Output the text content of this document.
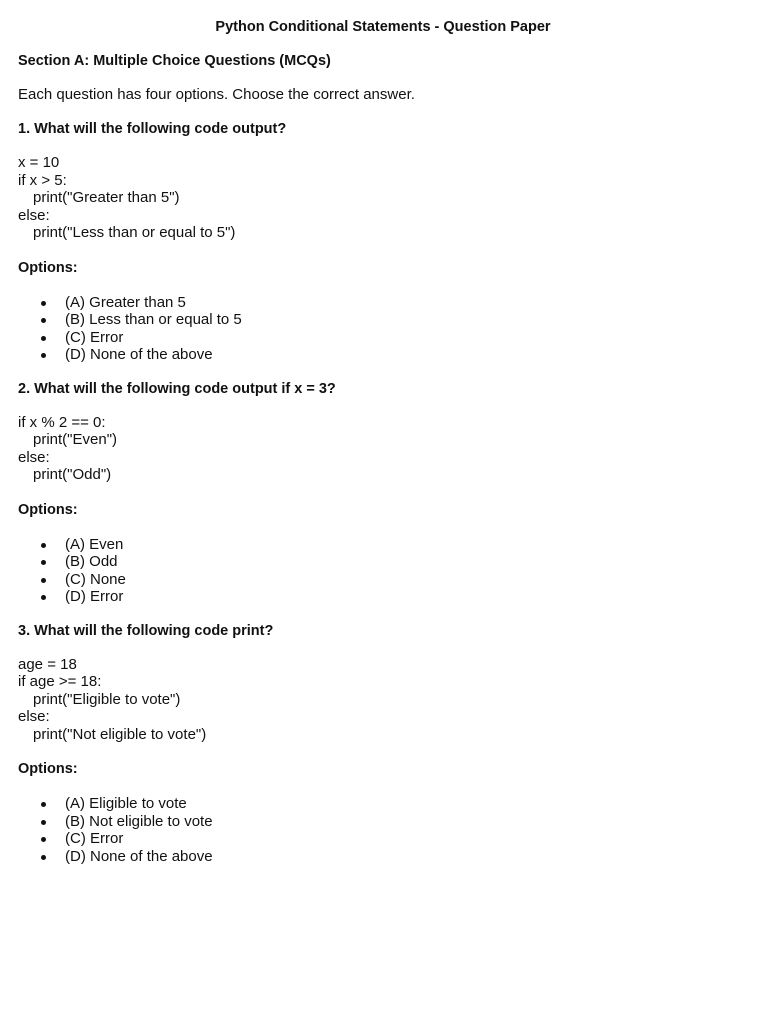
Python Conditional Statements - Question Paper
Section A: Multiple Choice Questions (MCQs)
Each question has four options. Choose the correct answer.
1. What will the following code output?
x = 10
if x > 5:
print("Greater than 5")
else:
print("Less than or equal to 5")
Options:
(A) Greater than 5
(B) Less than or equal to 5
(C) Error
(D) None of the above
2. What will the following code output if x = 3?
if x % 2 == 0:
print("Even")
else:
print("Odd")
Options:
(A) Even
(B) Odd
(C) None
(D) Error
3. What will the following code print?
age = 18
if age >= 18:
print("Eligible to vote")
else:
print("Not eligible to vote")
Options:
(A) Eligible to vote
(B) Not eligible to vote
(C) Error
(D) None of the above
